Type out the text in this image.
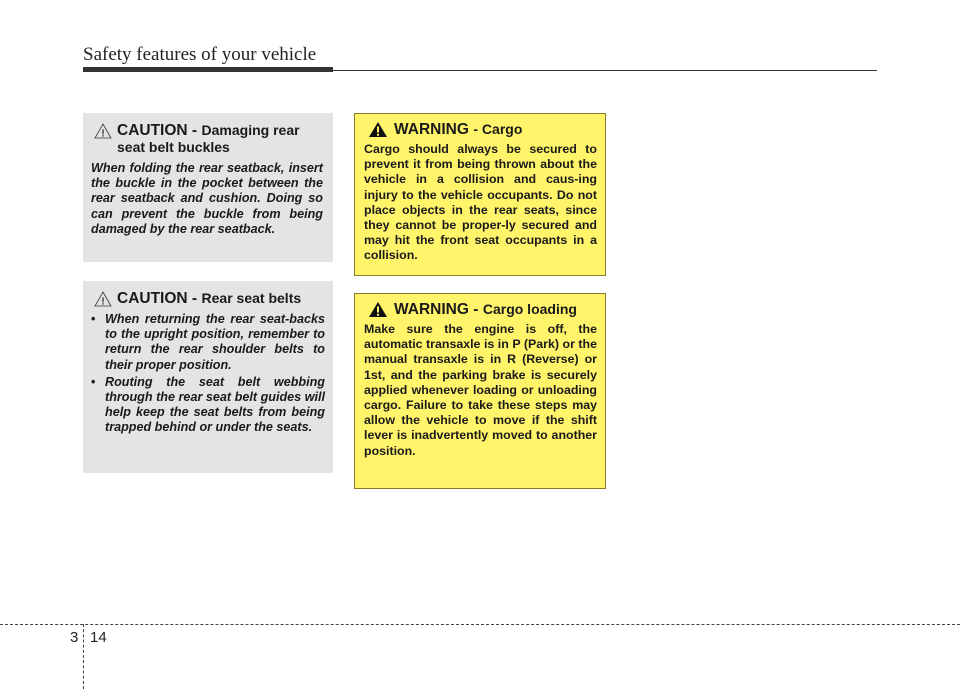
Safety features of your vehicle
! CAUTION - Damaging rear seat belt buckles
When folding the rear seatback, insert the buckle in the pocket between the rear seatback and cushion. Doing so can prevent the buckle from being damaged by the rear seatback.
! CAUTION - Rear seat belts
• When returning the rear seat-backs to the upright position, remember to return the rear shoulder belts to their proper position.
• Routing the seat belt webbing through the rear seat belt guides will help keep the seat belts from being trapped behind or under the seats.
WARNING - Cargo
Cargo should always be secured to prevent it from being thrown about the vehicle in a collision and caus-ing injury to the vehicle occupants. Do not place objects in the rear seats, since they cannot be proper-ly secured and may hit the front seat occupants in a collision.
WARNING - Cargo loading
Make sure the engine is off, the automatic transaxle is in P (Park) or the manual transaxle is in R (Reverse) or 1st, and the parking brake is securely applied whenever loading or unloading cargo. Failure to take these steps may allow the vehicle to move if the shift lever is inadvertently moved to another position.
3 14
